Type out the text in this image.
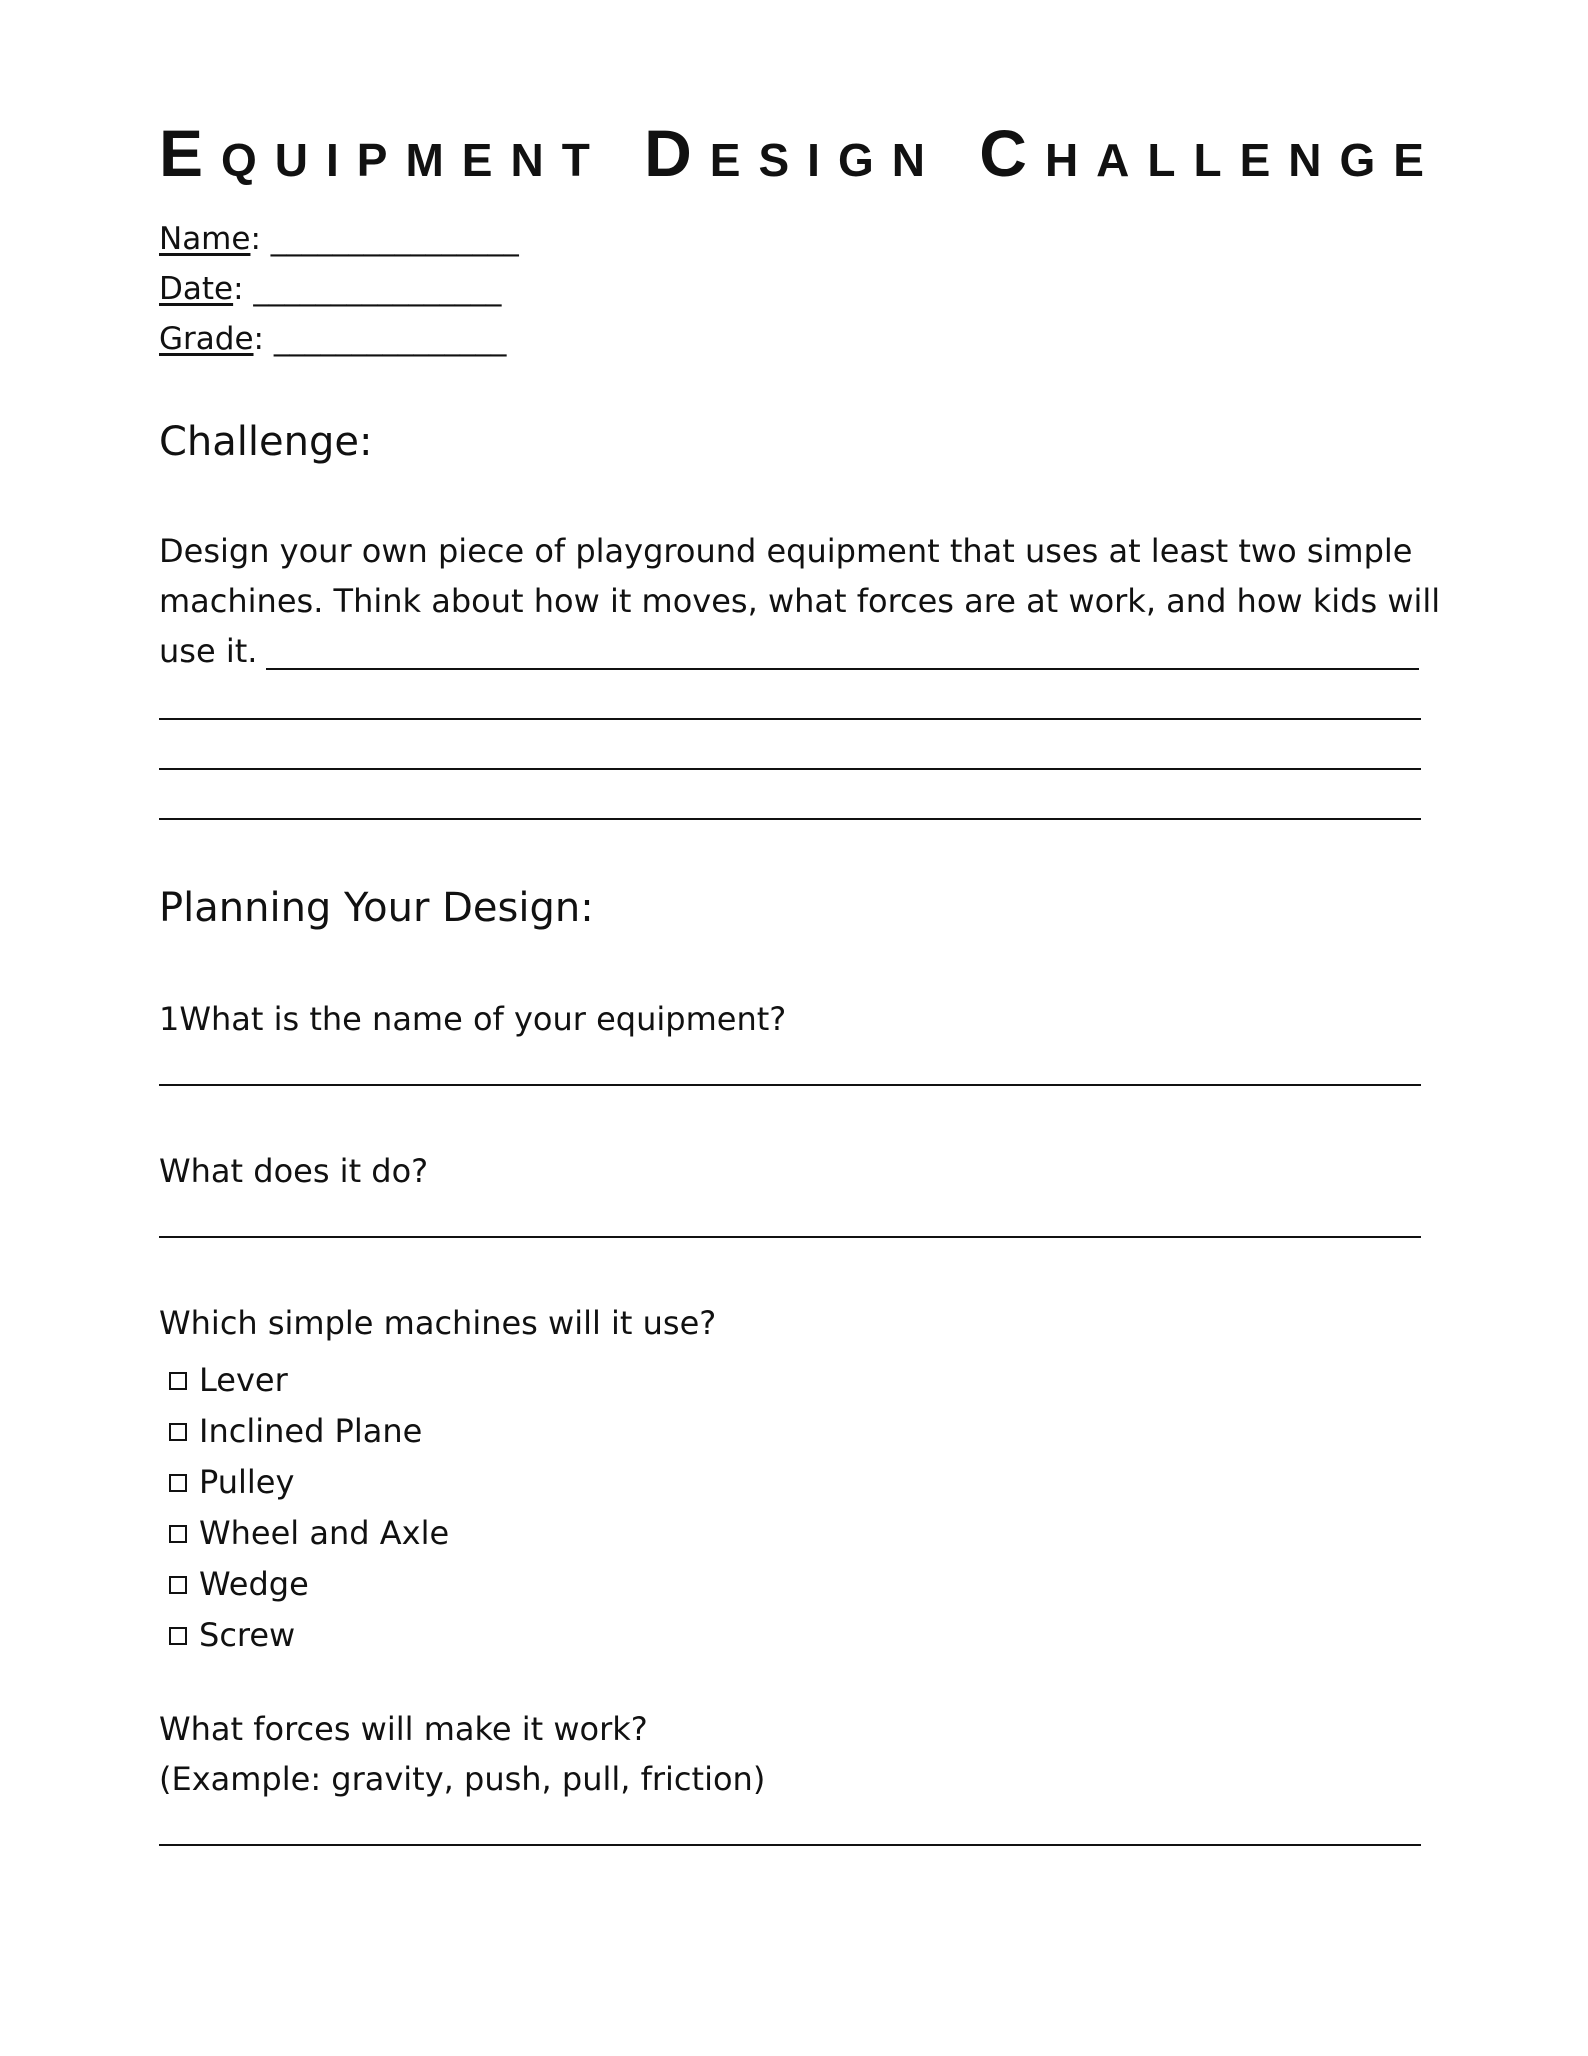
Equipment Design Challenge
Name: ________________
Date: ________________
Grade: _______________
Challenge:

Design your own piece of playground equipment that uses at least two simple

machines. Think about how it moves, what forces are at work, and how kids will

use it.

Planning Your Design:
1What is the name of your equipment?
What does it do?
Which simple machines will it use?
Lever
Inclined Plane
Pulley
Wheel and Axle
Wedge
Screw
What forces will make it work?
(Example: gravity, push, pull, friction)
